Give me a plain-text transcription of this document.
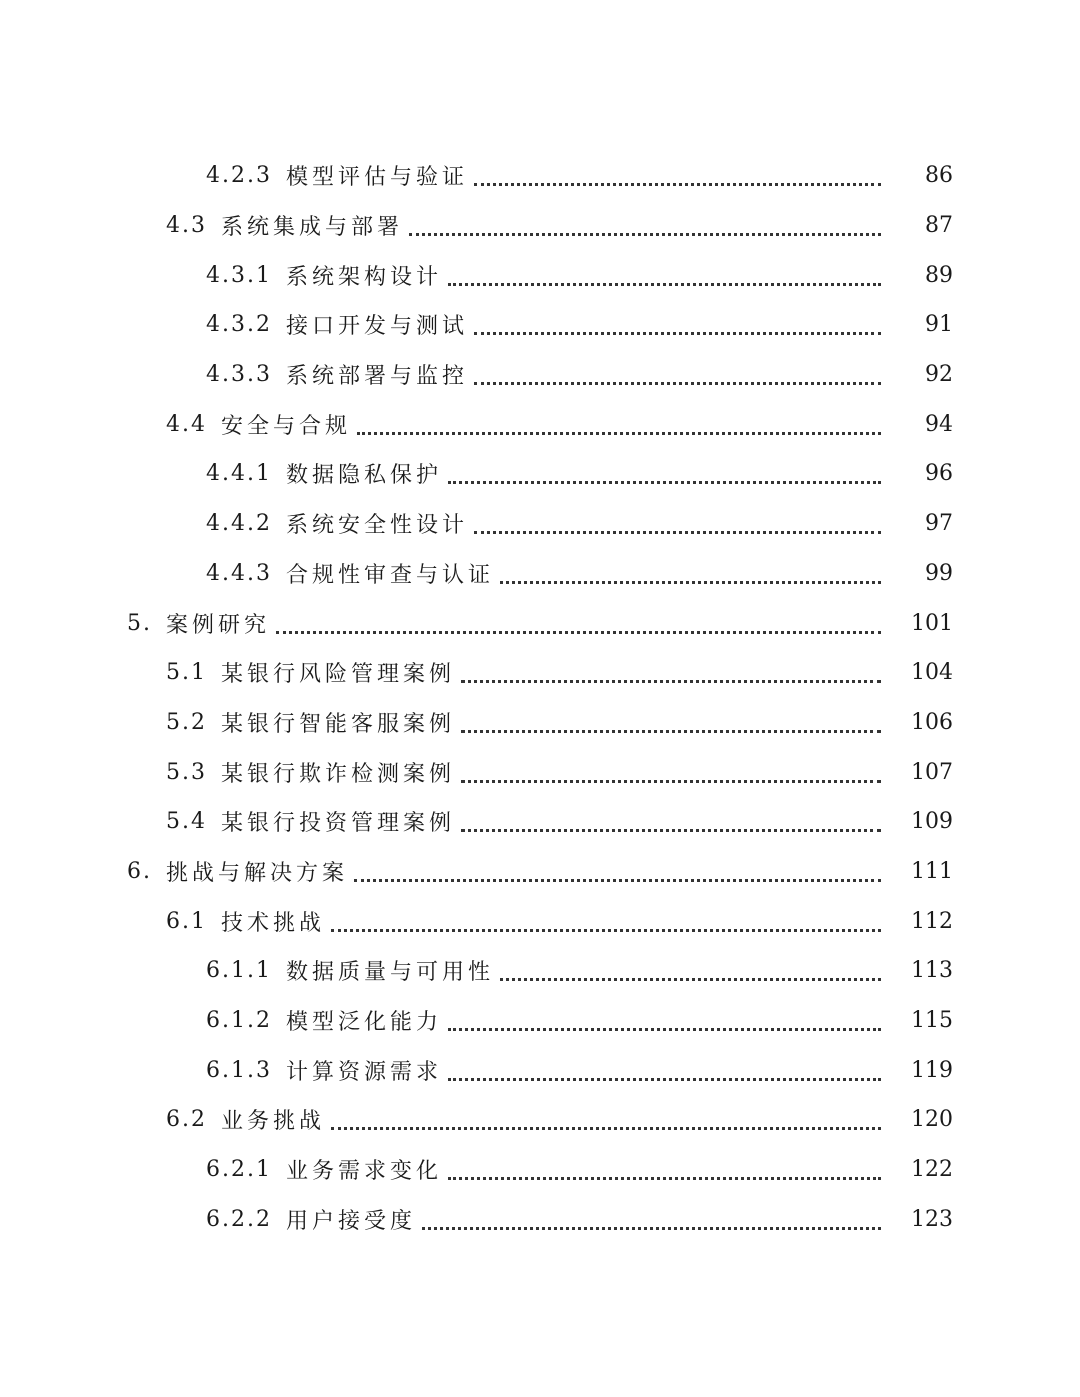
4.2.3 模型评估与验证	86
4.3 系统集成与部署	87
4.3.1 系统架构设计	89
4.3.2 接口开发与测试	91
4.3.3 系统部署与监控	92
4.4 安全与合规	94
4.4.1 数据隐私保护	96
4.4.2 系统安全性设计	97
4.4.3 合规性审查与认证	99
5. 案例研究	101
5.1 某银行风险管理案例	104
5.2 某银行智能客服案例	106
5.3 某银行欺诈检测案例	107
5.4 某银行投资管理案例	109
6. 挑战与解决方案	111
6.1 技术挑战	112
6.1.1 数据质量与可用性	113
6.1.2 模型泛化能力	115
6.1.3 计算资源需求	119
6.2 业务挑战	120
6.2.1 业务需求变化	122
6.2.2 用户接受度	123
